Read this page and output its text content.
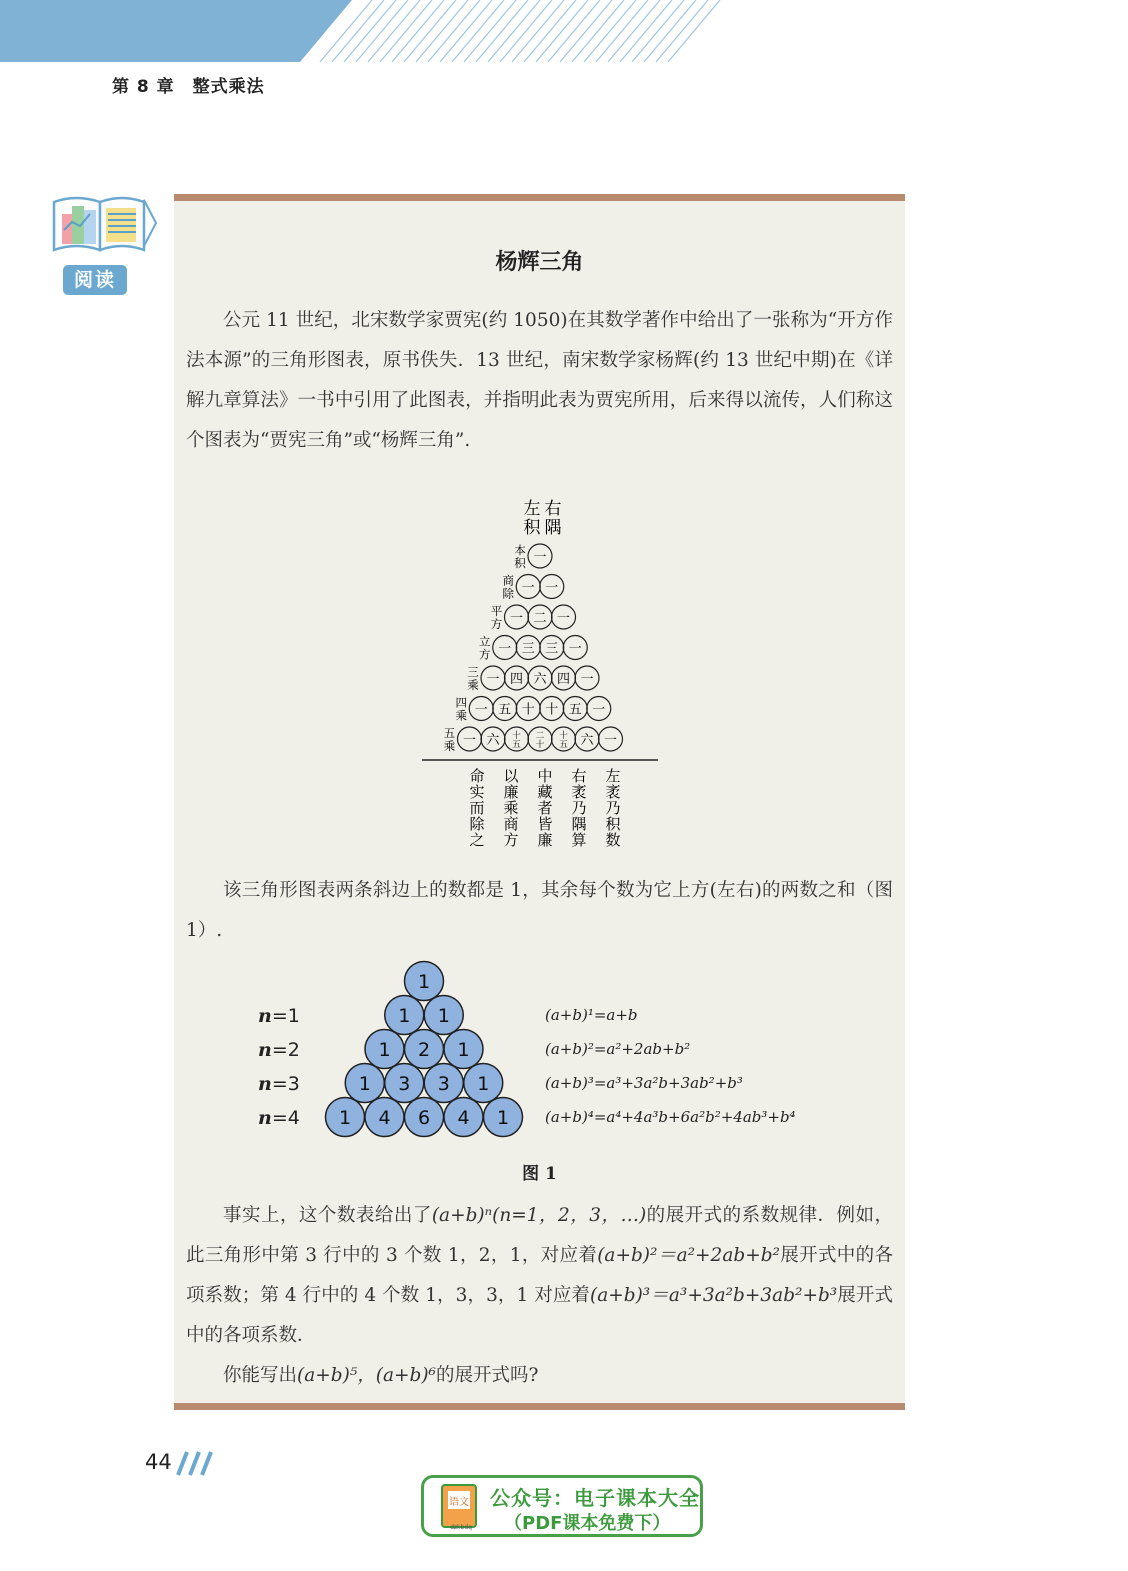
第 8 章 整式乘法
阅读
杨辉三角
公元 11 世纪，北宋数学家贾宪(约 1050)在其数学著作中给出了一张称为“开方作法本源”的三角形图表，原书佚失．13 世纪，南宋数学家杨辉(约 13 世纪中期)在《详解九章算法》一书中引用了此图表，并指明此表为贾宪所用，后来得以流传，人们称这个图表为“贾宪三角”或“杨辉三角”.
左 右
积 隅
本
积 一
商
除 一 一
平
方 一 二 一
立
方 一 三 三 一
三
乘 一 四 六 四 一
四
乘 一 五 十 十 五 一
五
乘 一 六 十
五
二
十
十
五 六 一
命实而除之
以廉乘商方
中藏者皆廉
右袤乃隅算
左袤乃积数
该三角形图表两条斜边上的数都是 1，其余每个数为它上方(左右)的两数之和（图 1）.
1
1 1
1 2 1
1 3 3 1
1 4 6 4 1
n=1
n=2
n=3
n=4
(a+b)¹=a+b
(a+b)²=a²+2ab+b²
(a+b)³=a³+3a²b+3ab²+b³
(a+b)⁴=a⁴+4a³b+6a²b²+4ab³+b⁴
图 1
事实上，这个数表给出了(a+b)ⁿ(n=1，2，3，…)的展开式的系数规律．例如，此三角形中第 3 行中的 3 个数 1，2，1，对应着(a+b)²＝a²+2ab+b²展开式中的各项系数；第 4 行中的 4 个数 1，3，3，1 对应着(a+b)³＝a³+3a²b+3ab²+b³展开式中的各项系数．
你能写出(a+b)⁵，(a+b)⁶的展开式吗?
44
语文
dzkbdq
公众号：电子课本大全
（PDF课本免费下）
